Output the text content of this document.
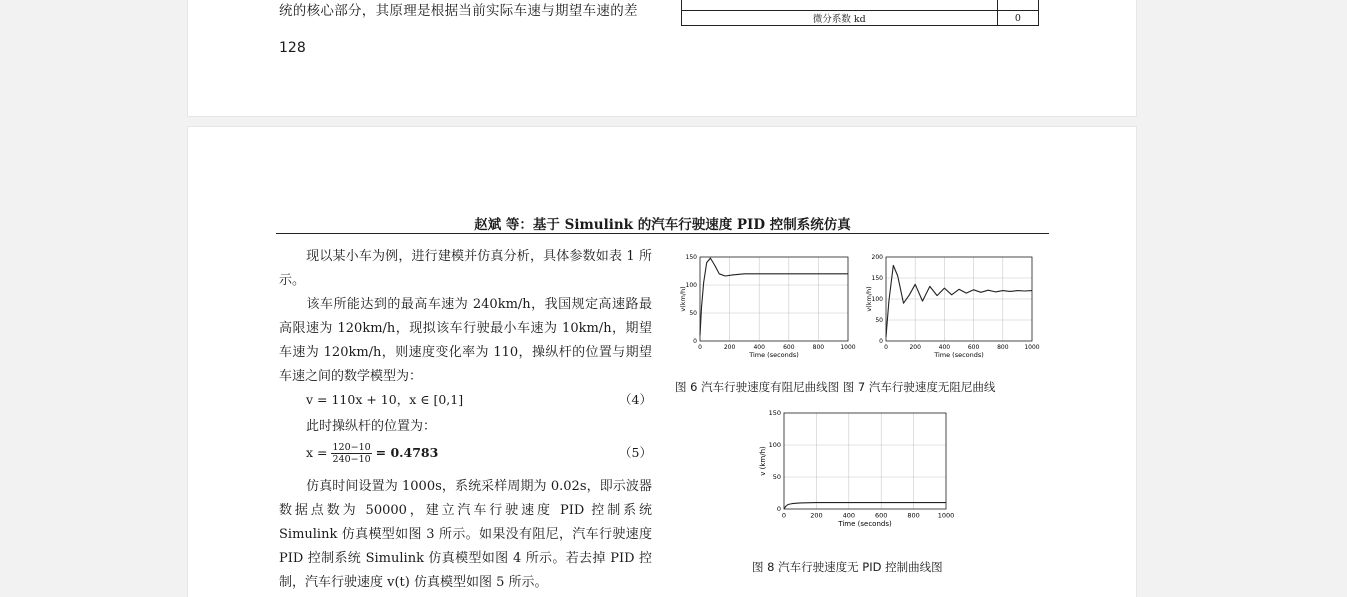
统的核心部分，其原理是根据当前实际车速与期望车速的差
128

微分系数 kd	0
赵斌 等：基于 Simulink 的汽车行驶速度 PID 控制系统仿真

现以某小车为例，进行建模并仿真分析，具体参数如表 1 所示。

该车所能达到的最高车速为 240km/h，我国规定高速路最高限速为 120km/h，现拟该车行驶最小车速为 10km/h，期望车速为 120km/h，则速度变化率为 110，操纵杆的位置与期望车速之间的数学模型为：

v = 110x + 10，x ∈ [0,1]	（4）

此时操纵杆的位置为：

$x = \frac{120-10}{240-10} = 0.4783$	（5）

仿真时间设置为 1000s，系统采样周期为 0.02s，即示波器数据点数为 50000，建立汽车行驶速度 PID 控制系统 Simulink 仿真模型如图 3 所示。如果没有阻尼，汽车行驶速度 PID 控制系统 Simulink 仿真模型如图 4 所示。若去掉 PID 控制，汽车行驶速度 v(t) 仿真模型如图 5 所示。

0	200	400	600	800	1000
0
50
100
150
Time (seconds)
v(km/h)
0	200	400	600	800	1000
0
50
100
150
200
Time (seconds)
v(km/h)
图 6 汽车行驶速度有阻尼曲线图 图 7 汽车行驶速度无阻尼曲线
0	200	400	600	800	1000
0
50
100
150
Time (seconds)
v (km/h)
图 8 汽车行驶速度无 PID 控制曲线图
